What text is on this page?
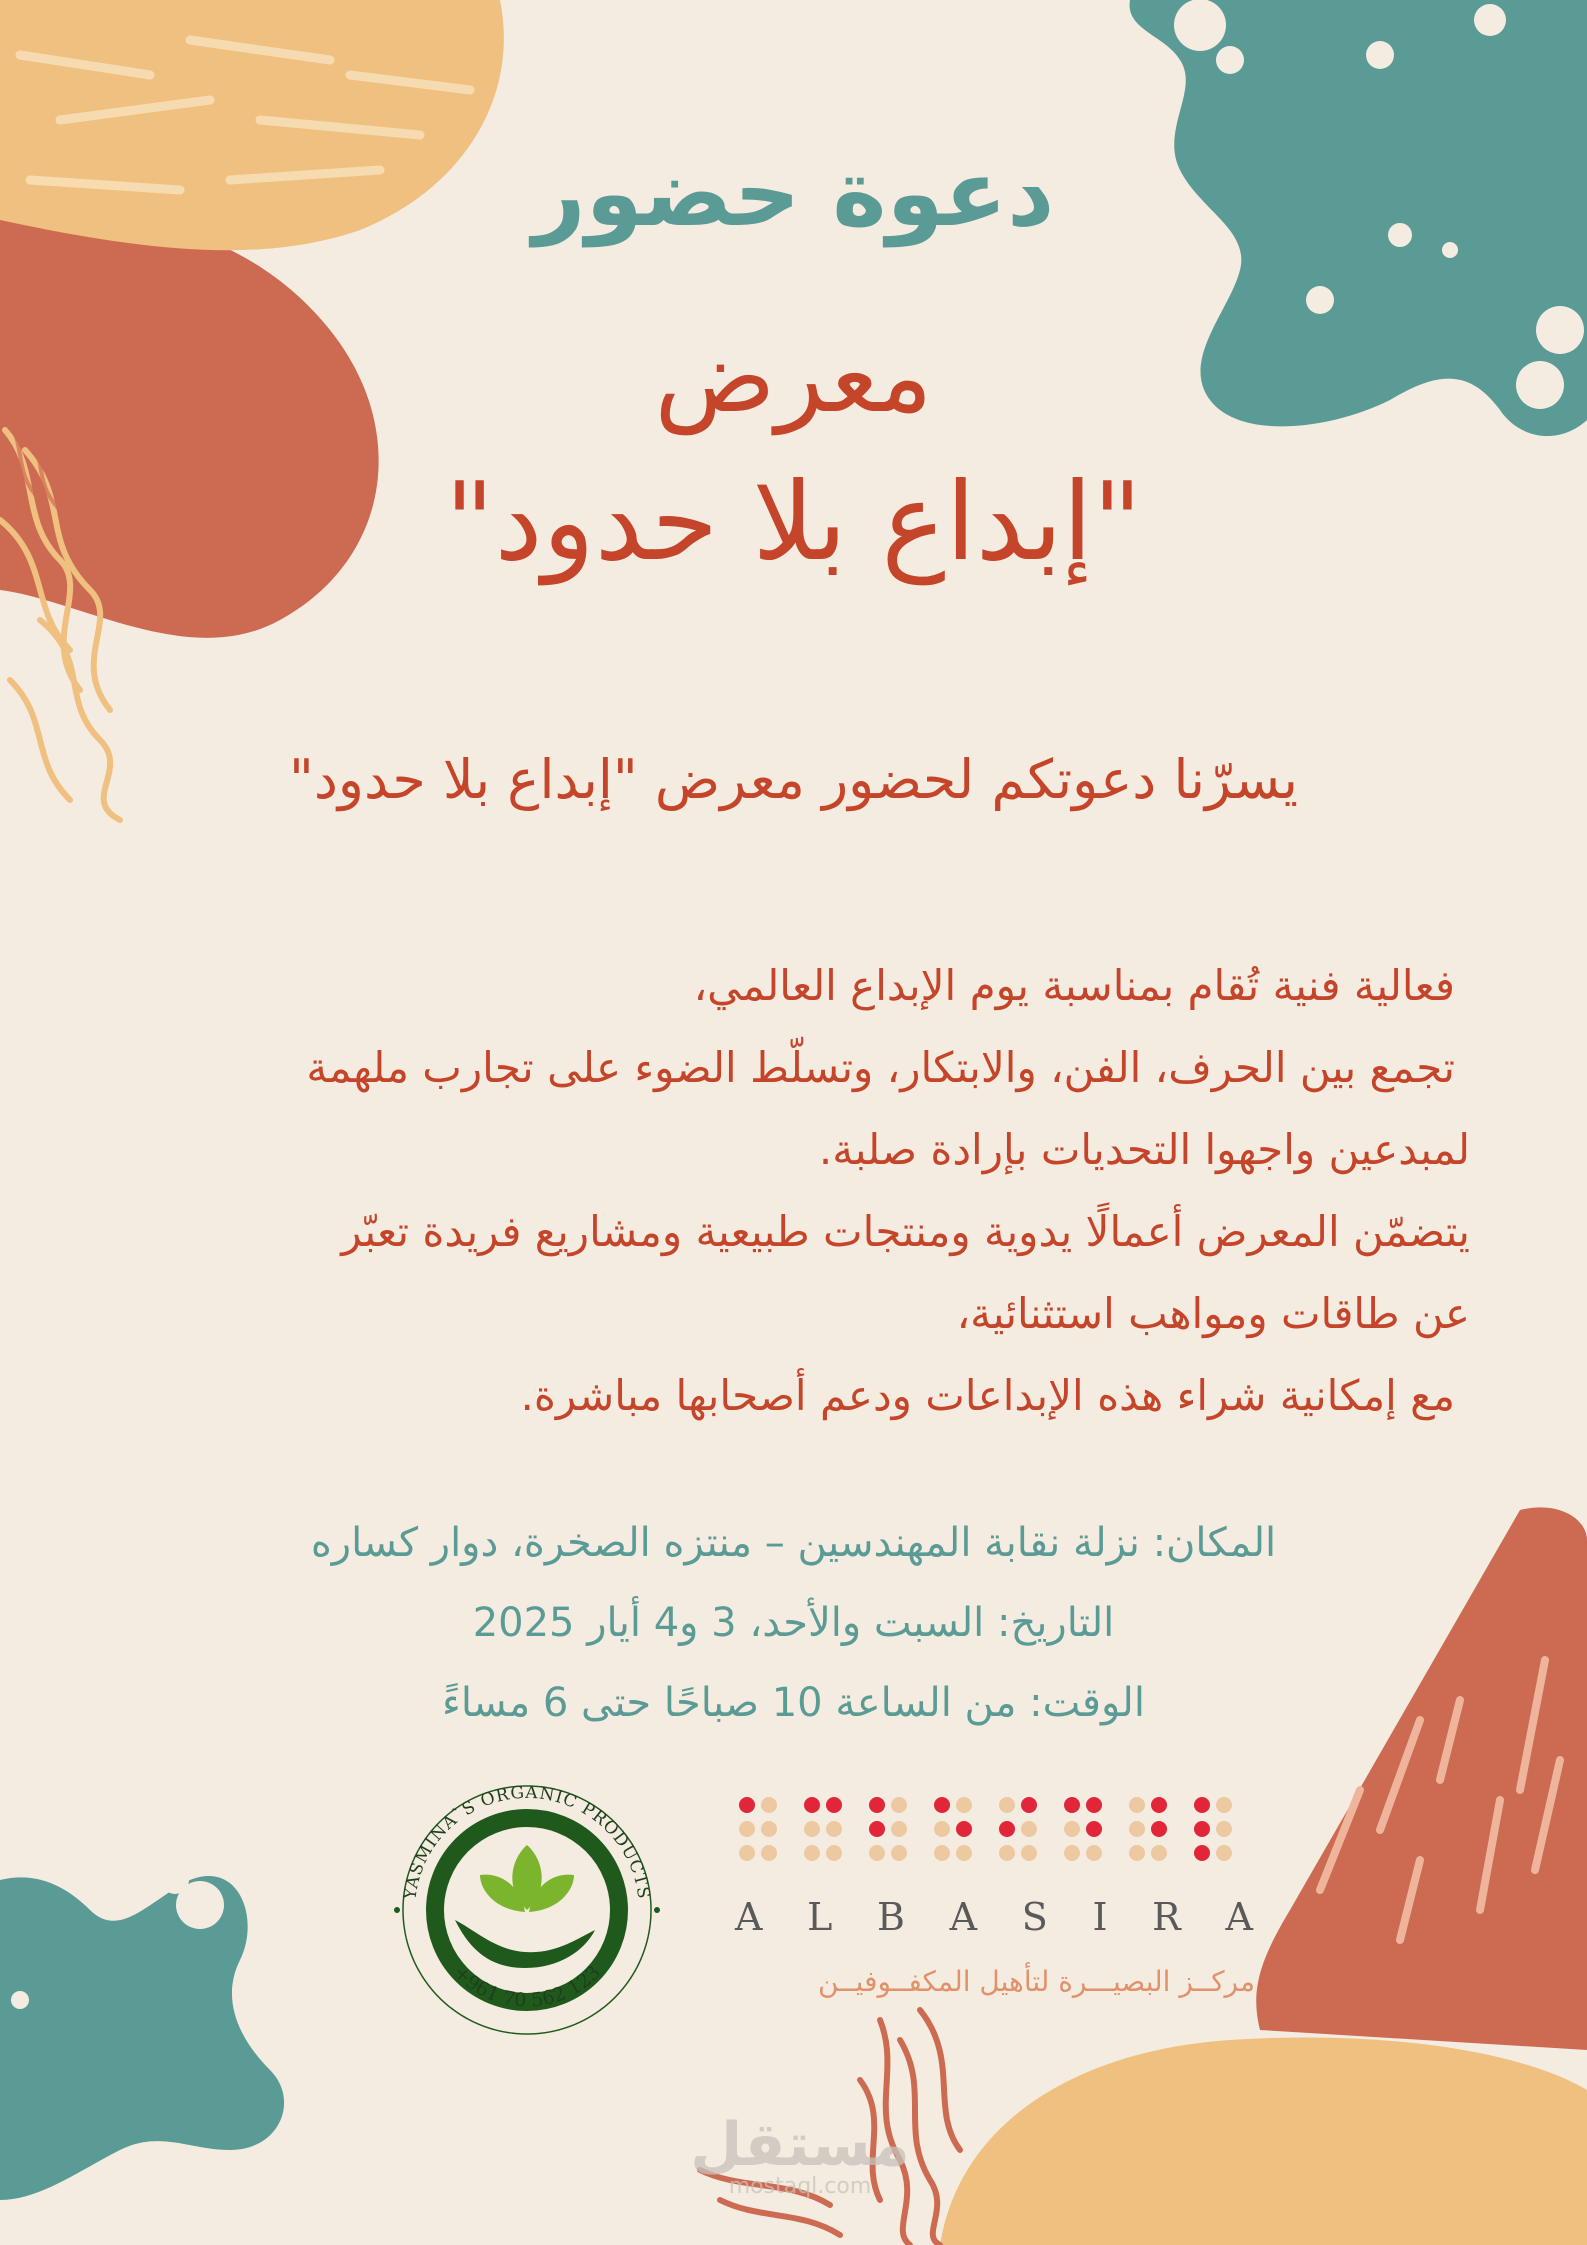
دعوة حضور
معرض
"إبداع بلا حدود"
يسرّنا دعوتكم لحضور معرض "إبداع بلا حدود"
فعالية فنية تُقام بمناسبة يوم الإبداع العالمي،
تجمع بين الحرف، الفن، والابتكار، وتسلّط الضوء على تجارب ملهمة
لمبدعين واجهوا التحديات بإرادة صلبة.
يتضمّن المعرض أعمالًا يدوية ومنتجات طبيعية ومشاريع فريدة تعبّر
عن طاقات ومواهب استثنائية،
مع إمكانية شراء هذه الإبداعات ودعم أصحابها مباشرة.
المكان: نزلة نقابة المهندسين – منتزه الصخرة، دوار كساره
التاريخ: السبت والأحد، 3 و4 أيار 2025
الوقت: من الساعة 10 صباحًا حتى 6 مساءً
YASMINA`S ORGANIC PRODUCTS
+961 70 562 123
A L B A S I R A
مركــز البصيـــرة لتأهيل المكفــوفيــن
مستقل
mostaql.com
